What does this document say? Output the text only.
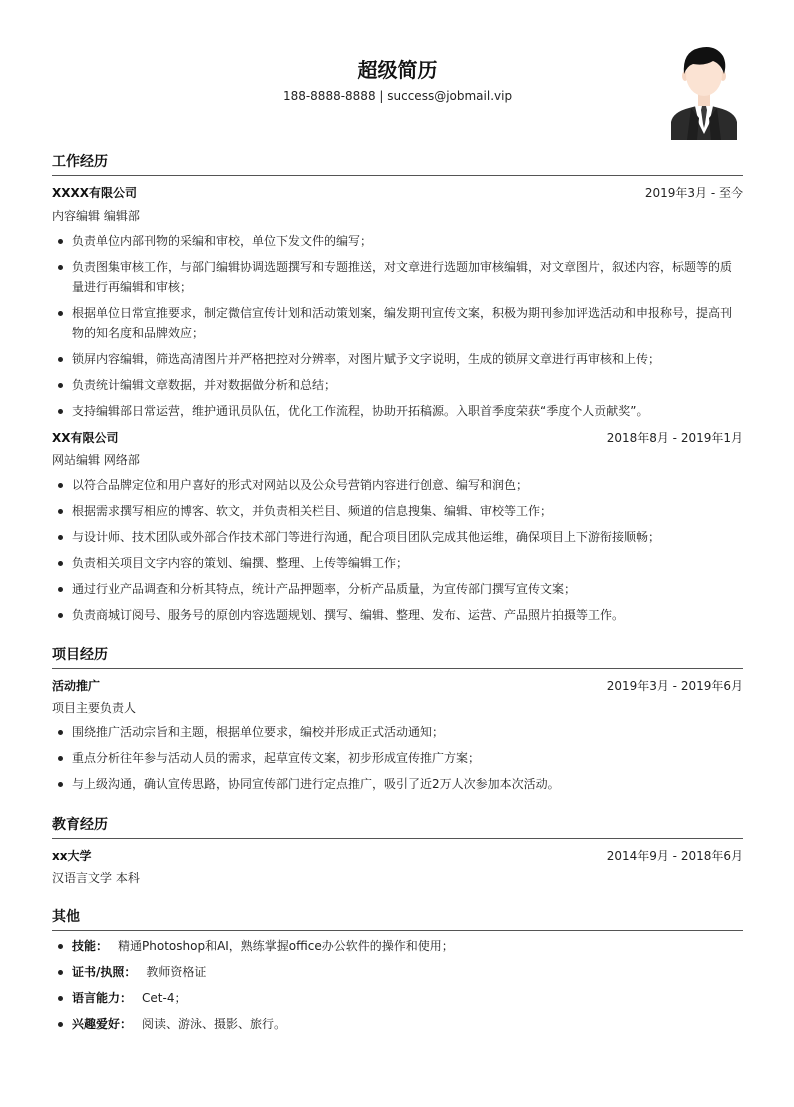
超级简历
188-8888-8888 | success@jobmail.vip
工作经历
XXXX有限公司	2019年3月 - 至今
内容编辑 编辑部
负责单位内部刊物的采编和审校，单位下发文件的编写；
负责图集审核工作，与部门编辑协调选题撰写和专题推送，对文章进行选题加审核编辑，对文章图片，叙述内容，标题等的质量进行再编辑和审核；
根据单位日常宣推要求，制定微信宣传计划和活动策划案，编发期刊宣传文案，积极为期刊参加评选活动和申报称号，提高刊物的知名度和品牌效应；
锁屏内容编辑，筛选高清图片并严格把控对分辨率，对图片赋予文字说明，生成的锁屏文章进行再审核和上传；
负责统计编辑文章数据，并对数据做分析和总结；
支持编辑部日常运营，维护通讯员队伍，优化工作流程，协助开拓稿源。入职首季度荣获“季度个人贡献奖”。
XX有限公司	2018年8月 - 2019年1月
网站编辑 网络部
以符合品牌定位和用户喜好的形式对网站以及公众号营销内容进行创意、编写和润色；
根据需求撰写相应的博客、软文，并负责相关栏目、频道的信息搜集、编辑、审校等工作；
与设计师、技术团队或外部合作技术部门等进行沟通，配合项目团队完成其他运维，确保项目上下游衔接顺畅；
负责相关项目文字内容的策划、编撰、整理、上传等编辑工作；
通过行业产品调查和分析其特点，统计产品押题率，分析产品质量，为宣传部门撰写宣传文案；
负责商城订阅号、服务号的原创内容选题规划、撰写、编辑、整理、发布、运营、产品照片拍摄等工作。
项目经历
活动推广	2019年3月 - 2019年6月
项目主要负责人
围绕推广活动宗旨和主题，根据单位要求，编校并形成正式活动通知；
重点分析往年参与活动人员的需求，起草宣传文案，初步形成宣传推广方案；
与上级沟通，确认宣传思路，协同宣传部门进行定点推广，吸引了近2万人次参加本次活动。
教育经历
xx大学	2014年9月 - 2018年6月
汉语言文学 本科
其他
技能： 精通Photoshop和AI，熟练掌握office办公软件的操作和使用；
证书/执照： 教师资格证
语言能力： Cet-4；
兴趣爱好： 阅读、游泳、摄影、旅行。
